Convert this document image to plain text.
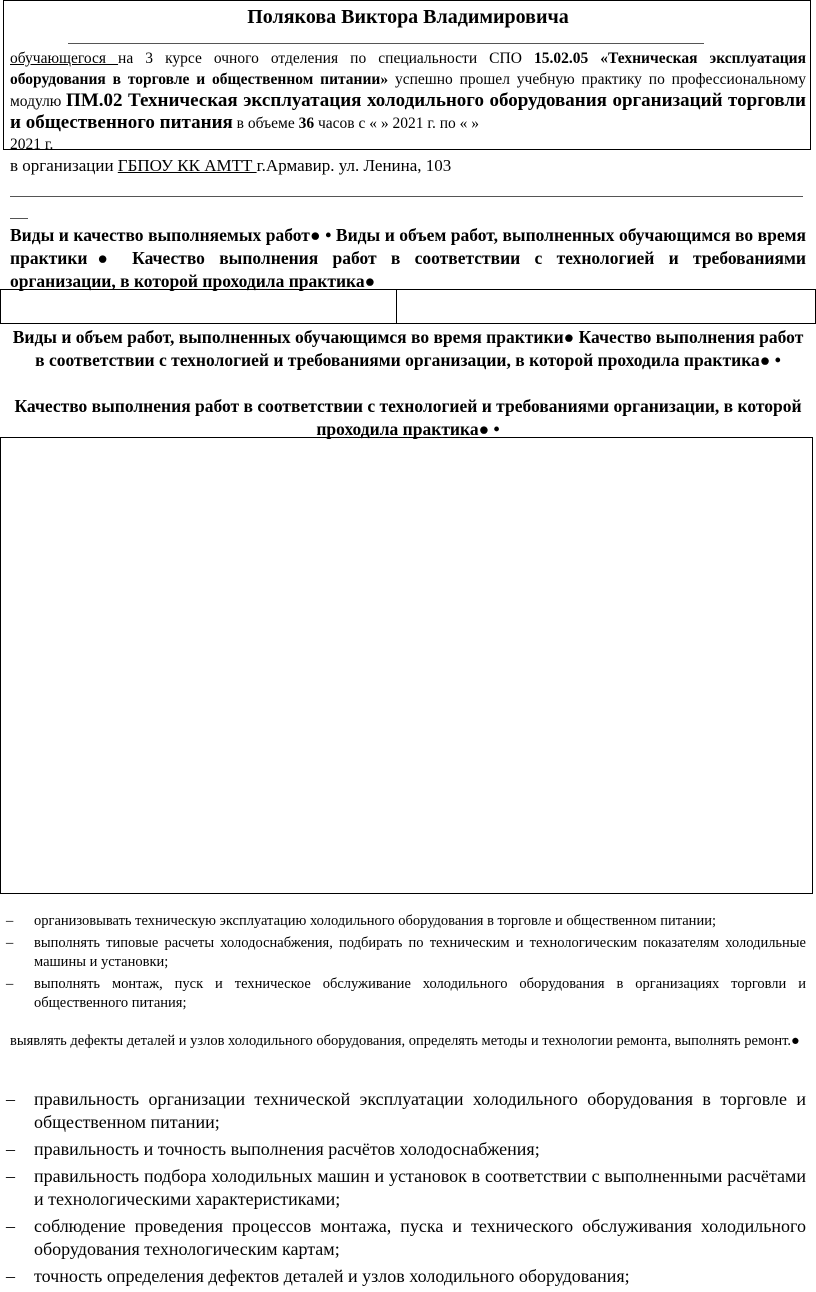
Полякова Виктора Владимировича
обучающегося на 3 курсе очного отделения по специальности СПО 15.02.05 «Техническая эксплуатация оборудования в торговле и общественном питании» успешно прошел учебную практику по профессиональному модулю ПМ.02 Техническая эксплуатация холодильного оборудования организаций торговли и общественного питания в объеме 36 часов с « » 2021 г. по « »
2021 г.
в организации ГБПОУ КК АМТТ г.Армавир. ул. Ленина, 103
Виды и качество выполняемых работ● • Виды и объем работ, выполненных обучающимся во время практики● Качество выполнения работ в соответствии с технологией и требованиями организации, в которой проходила практика●
Виды и объем работ, выполненных обучающимся во время практики● Качество выполнения работ в соответствии с технологией и требованиями организации, в которой проходила практика● •
Качество выполнения работ в соответствии с технологией и требованиями организации, в которой проходила практика● •
– организовывать техническую эксплуатацию холодильного оборудования в торговле и общественном питании;
– выполнять типовые расчеты холодоснабжения, подбирать по техническим и технологическим показателям холодильные машины и установки;
– выполнять монтаж, пуск и техническое обслуживание холодильного оборудования в организациях торговли и общественного питания;
выявлять дефекты деталей и узлов холодильного оборудования, определять методы и технологии ремонта, выполнять ремонт.●
– правильность организации технической эксплуатации холодильного оборудования в торговле и общественном питании;
– правильность и точность выполнения расчётов холодоснабжения;
– правильность подбора холодильных машин и установок в соответствии с выполненными расчётами и технологическими характеристиками;
– соблюдение проведения процессов монтажа, пуска и технического обслуживания холодильного оборудования технологическим картам;
– точность определения дефектов деталей и узлов холодильного оборудования;
